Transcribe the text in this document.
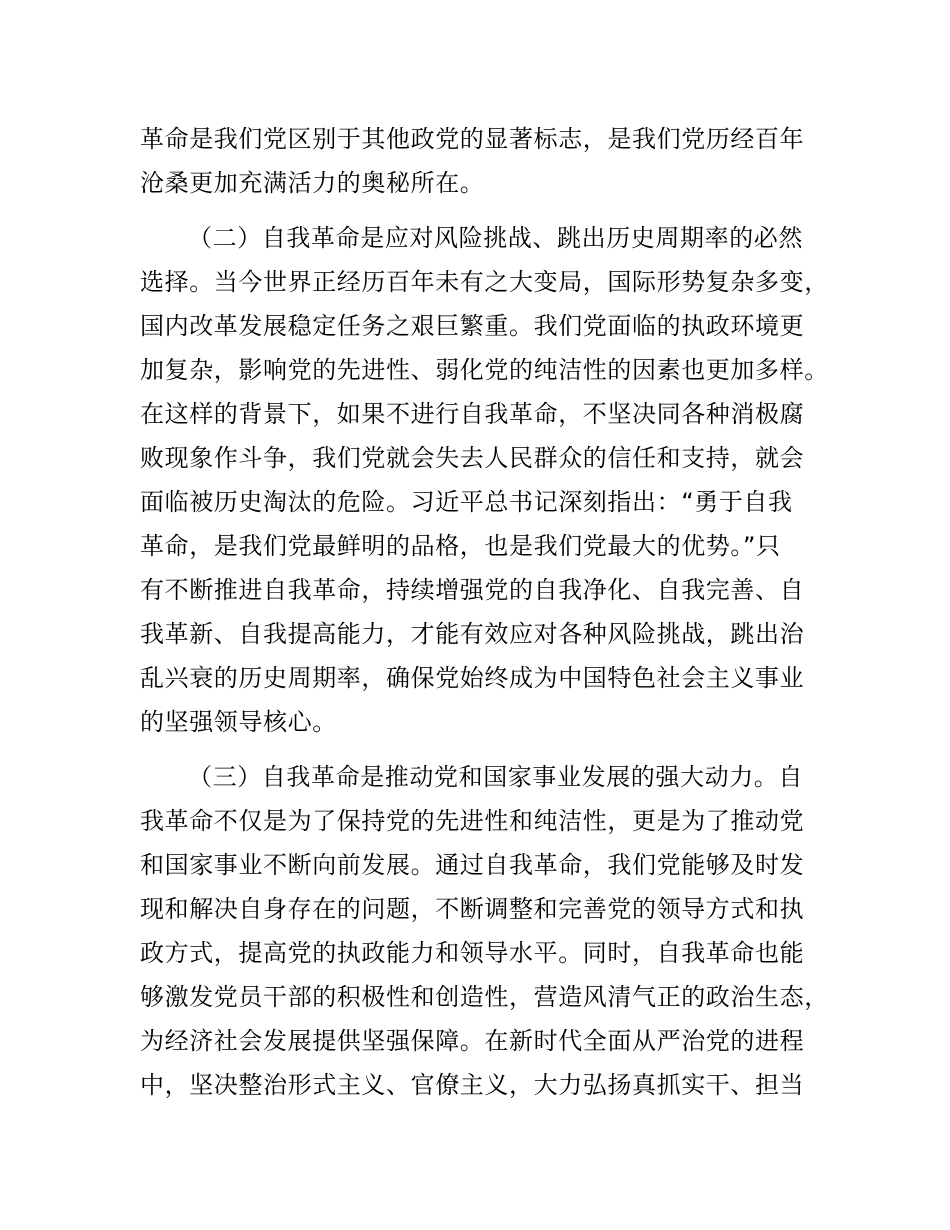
革命是我们党区别于其他政党的显著标志，是我们党历经百年
沧桑更加充满活力的奥秘所在。
（二）自我革命是应对风险挑战、跳出历史周期率的必然
选择。当今世界正经历百年未有之大变局，国际形势复杂多变，
国内改革发展稳定任务之艰巨繁重。我们党面临的执政环境更
加复杂，影响党的先进性、弱化党的纯洁性的因素也更加多样。
在这样的背景下，如果不进行自我革命，不坚决同各种消极腐
败现象作斗争，我们党就会失去人民群众的信任和支持，就会
面临被历史淘汰的危险。习近平总书记深刻指出：“勇于自我
革命，是我们党最鲜明的品格，也是我们党最大的优势。”只
有不断推进自我革命，持续增强党的自我净化、自我完善、自
我革新、自我提高能力，才能有效应对各种风险挑战，跳出治
乱兴衰的历史周期率，确保党始终成为中国特色社会主义事业
的坚强领导核心。
（三）自我革命是推动党和国家事业发展的强大动力。自
我革命不仅是为了保持党的先进性和纯洁性，更是为了推动党
和国家事业不断向前发展。通过自我革命，我们党能够及时发
现和解决自身存在的问题，不断调整和完善党的领导方式和执
政方式，提高党的执政能力和领导水平。同时，自我革命也能
够激发党员干部的积极性和创造性，营造风清气正的政治生态，
为经济社会发展提供坚强保障。在新时代全面从严治党的进程
中，坚决整治形式主义、官僚主义，大力弘扬真抓实干、担当
